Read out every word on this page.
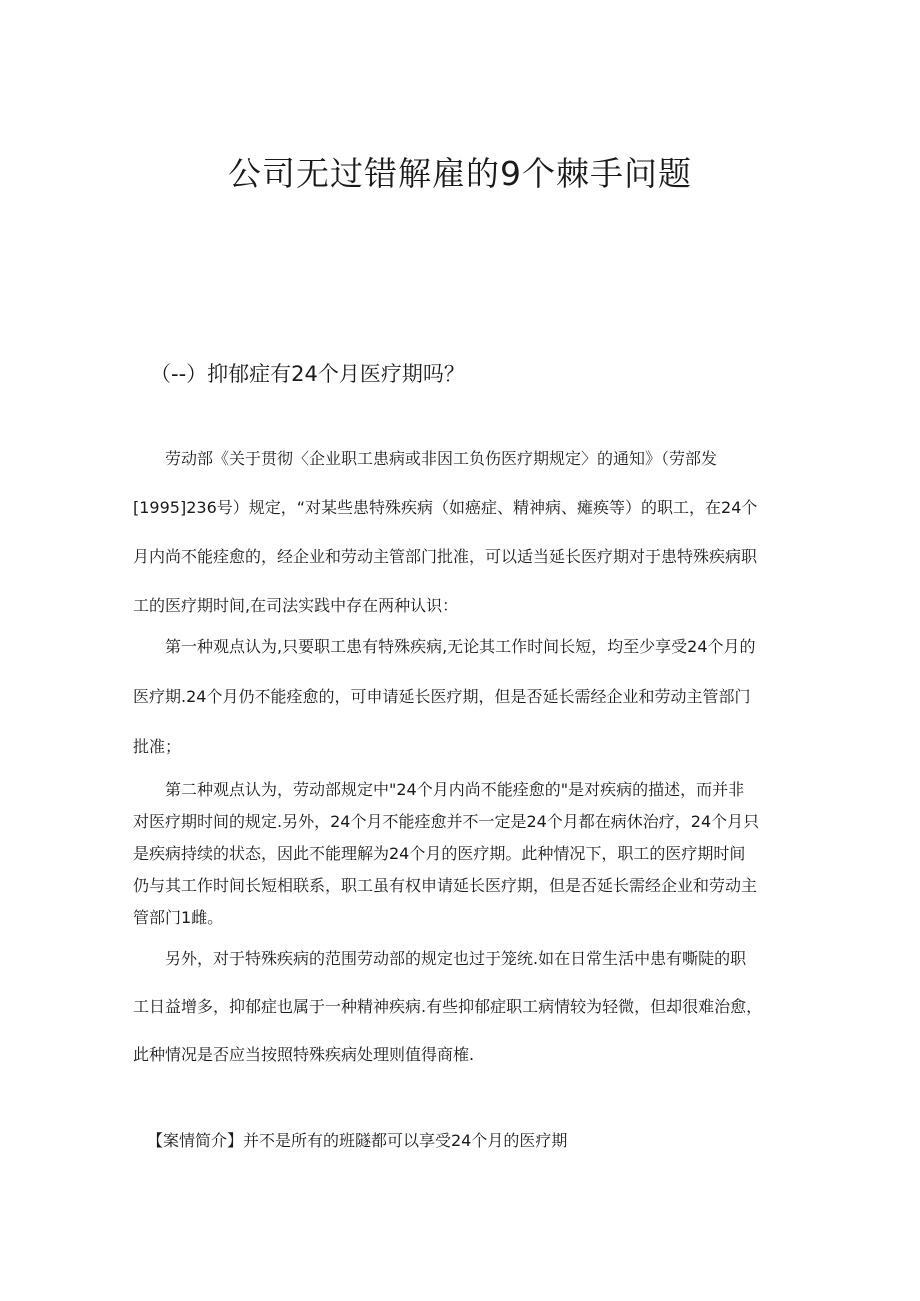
公司无过错解雇的9个棘手问题
（--）抑郁症有24个月医疗期吗？

　　劳动部《关于贯彻〈企业职工患病或非因工负伤医疗期规定〉的通知》（劳部发
[1995]236号）规定，“对某些患特殊疾病（如癌症、精神病、瘫痪等）的职工，在24个
月内尚不能痊愈的，经企业和劳动主管部门批准，可以适当延长医疗期对于患特殊疾病职
工的医疗期时间,在司法实践中存在两种认识：

　　第一种观点认为,只要职工患有特殊疾病,无论其工作时间长短，均至少享受24个月的
医疗期.24个月仍不能痊愈的，可申请延长医疗期，但是否延长需经企业和劳动主管部门
批准；

　　第二种观点认为，劳动部规定中"24个月内尚不能痊愈的"是对疾病的描述，而并非
对医疗期时间的规定.另外，24个月不能痊愈并不一定是24个月都在病休治疗，24个月只
是疾病持续的状态，因此不能理解为24个月的医疗期。此种情况下，职工的医疗期时间
仍与其工作时间长短相联系，职工虽有权申请延长医疗期，但是否延长需经企业和劳动主
管部门1雌。

　　另外，对于特殊疾病的范围劳动部的规定也过于笼统.如在日常生活中患有嘶陡的职
工日益增多，抑郁症也属于一种精神疾病.有些抑郁症职工病情较为轻微，但却很难治愈，
此种情况是否应当按照特殊疾病处理则值得商榷.

【案情简介】并不是所有的班隧都可以享受24个月的医疗期
